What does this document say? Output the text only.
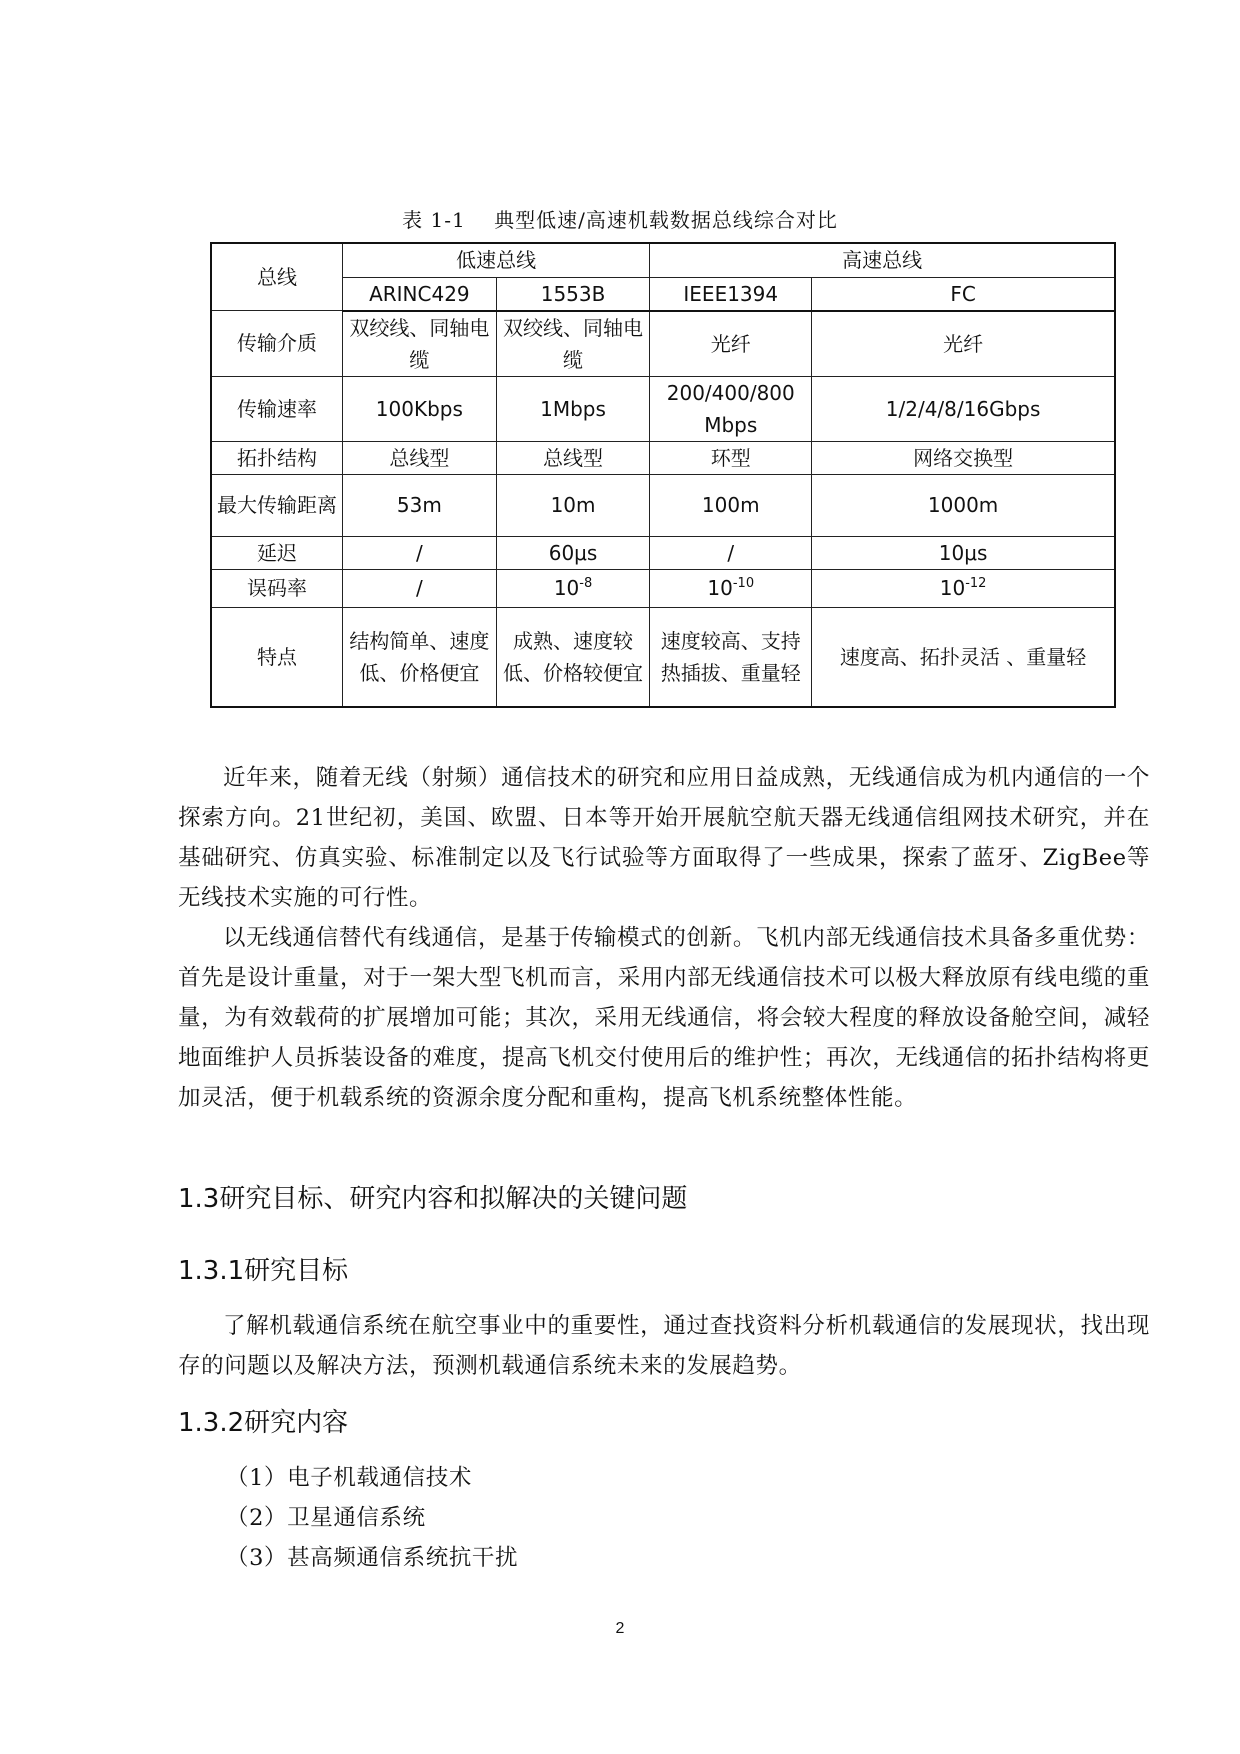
表 1-1　 典型低速/高速机载数据总线综合对比
总线	低速总线		高速总线	
	ARINC429	1553B	IEEE1394	FC
传输介质	双绞线、同轴电缆	双绞线、同轴电缆	光纤	光纤
传输速率	100Kbps	1Mbps	200/400/800 Mbps	1/2/4/8/16Gbps
拓扑结构	总线型	总线型	环型	网络交换型
最大传输距离	53m	10m	100m	1000m
延迟	/	60μs	/	10μs
误码率	/	$10^{-8}$	$10^{-10}$	$10^{-12}$
特点	结构简单、速度低、价格便宜	成熟、速度较低、价格较便宜	速度较高、支持热插拔、重量轻	速度高、拓扑灵活 、重量轻

近年来，随着无线（射频）通信技术的研究和应用日益成熟，无线通信成为机内通信的一个探索方向。21世纪初，美国、欧盟、日本等开始开展航空航天器无线通信组网技术研究，并在基础研究、仿真实验、标准制定以及飞行试验等方面取得了一些成果，探索了蓝牙、ZigBee等无线技术实施的可行性。

以无线通信替代有线通信，是基于传输模式的创新。飞机内部无线通信技术具备多重优势：首先是设计重量，对于一架大型飞机而言，采用内部无线通信技术可以极大释放原有线电缆的重量，为有效载荷的扩展增加可能；其次，采用无线通信，将会较大程度的释放设备舱空间，减轻地面维护人员拆装设备的难度，提高飞机交付使用后的维护性；再次，无线通信的拓扑结构将更加灵活，便于机载系统的资源余度分配和重构，提高飞机系统整体性能。

1.3研究目标、研究内容和拟解决的关键问题
1.3.1研究目标

了解机载通信系统在航空事业中的重要性，通过查找资料分析机载通信的发展现状，找出现存的问题以及解决方法，预测机载通信系统未来的发展趋势。

1.3.2研究内容
（1）电子机载通信技术
（2）卫星通信系统
（3）甚高频通信系统抗干扰
2
